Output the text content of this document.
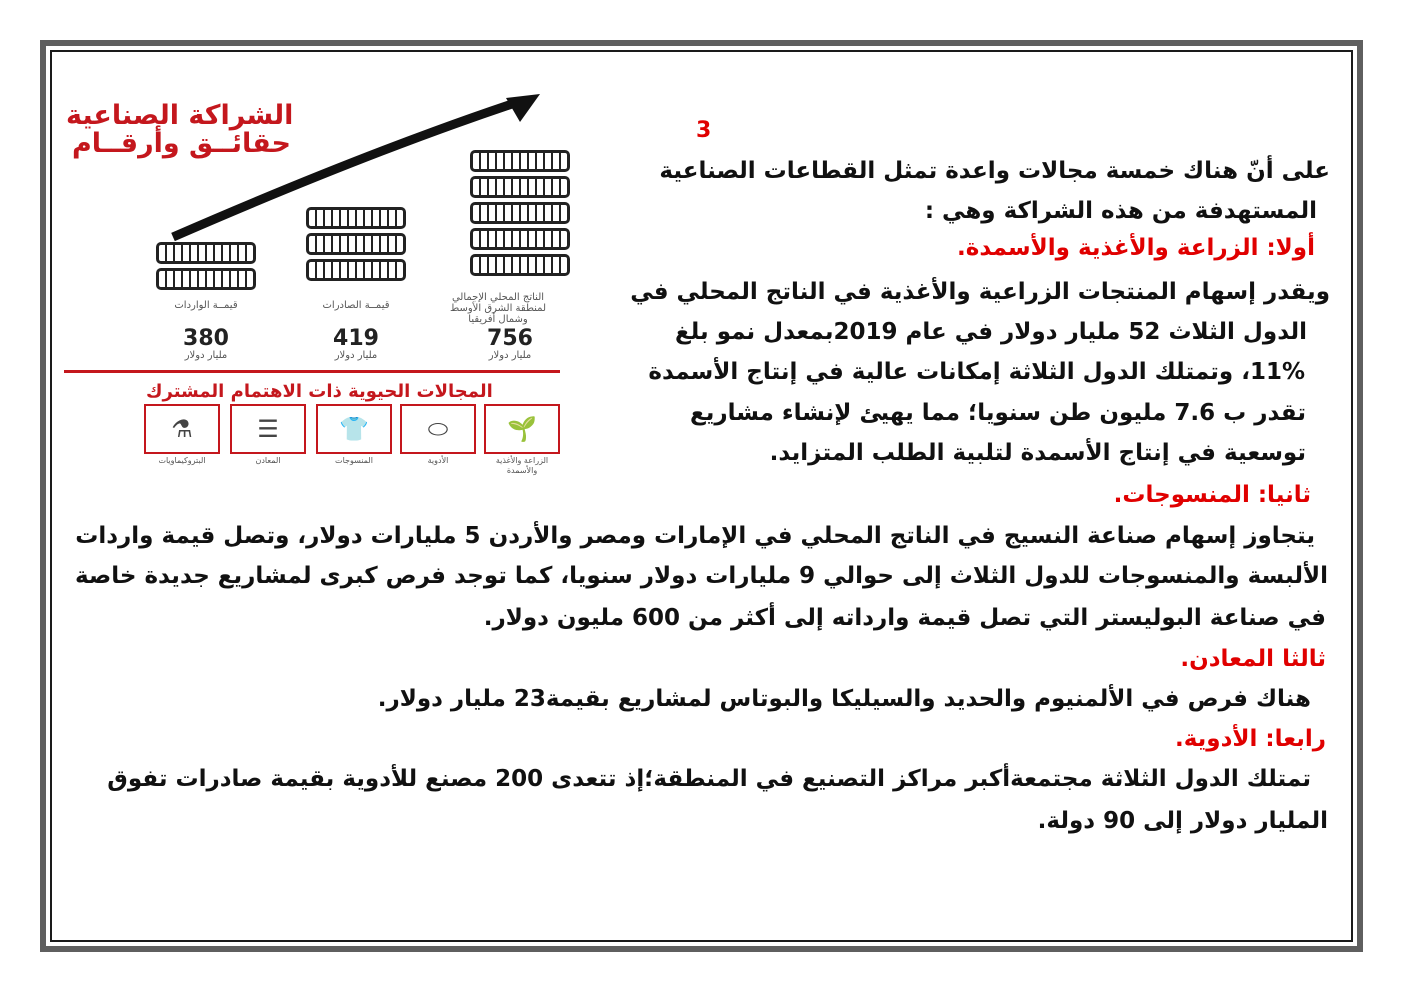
الشراكة الصناعية
حقائــق وأرقــام
قيمــة الواردات
380
مليار دولار
قيمــة الصادرات
419
مليار دولار
الناتج المحلي الإجمالي لمنطقة الشرق الأوسط وشمال أفريقيا
756
مليار دولار
المجالات الحيوية ذات الاهتمام المشترك
🌱
الزراعة والأغذية والأسمدة
⬭
الأدوية
👕
المنسوجات
☰
المعادن
⚗
البتروكيماويات
3
على أنّ هناك خمسة مجالات واعدة تمثل القطاعات الصناعية
المستهدفة من هذه الشراكة وهي :
أولا: الزراعة والأغذية والأسمدة.
ويقدر إسهام المنتجات الزراعية والأغذية في الناتج المحلي في
الدول الثلاث 52 مليار دولار في عام 2019بمعدل نمو بلغ
11%، وتمتلك الدول الثلاثة إمكانات عالية في إنتاج الأسمدة
تقدر ب 7.6 مليون طن سنويا؛ مما يهيئ لإنشاء مشاريع
توسعية في إنتاج الأسمدة لتلبية الطلب المتزايد.
ثانيا: المنسوجات.
يتجاوز إسهام صناعة النسيج في الناتج المحلي في الإمارات ومصر والأردن 5 مليارات دولار، وتصل قيمة واردات
الألبسة والمنسوجات للدول الثلاث إلى حوالي 9 مليارات دولار سنويا، كما توجد فرص كبرى لمشاريع جديدة خاصة
في صناعة البوليستر التي تصل قيمة وارداته إلى أكثر من 600 مليون دولار.
ثالثا المعادن.
هناك فرص في الألمنيوم والحديد والسيليكا والبوتاس لمشاريع بقيمة23 مليار دولار.
رابعا: الأدوية.
تمتلك الدول الثلاثة مجتمعةأكبر مراكز التصنيع في المنطقة؛إذ تتعدى 200 مصنع للأدوية بقيمة صادرات تفوق
المليار دولار إلى 90 دولة.
